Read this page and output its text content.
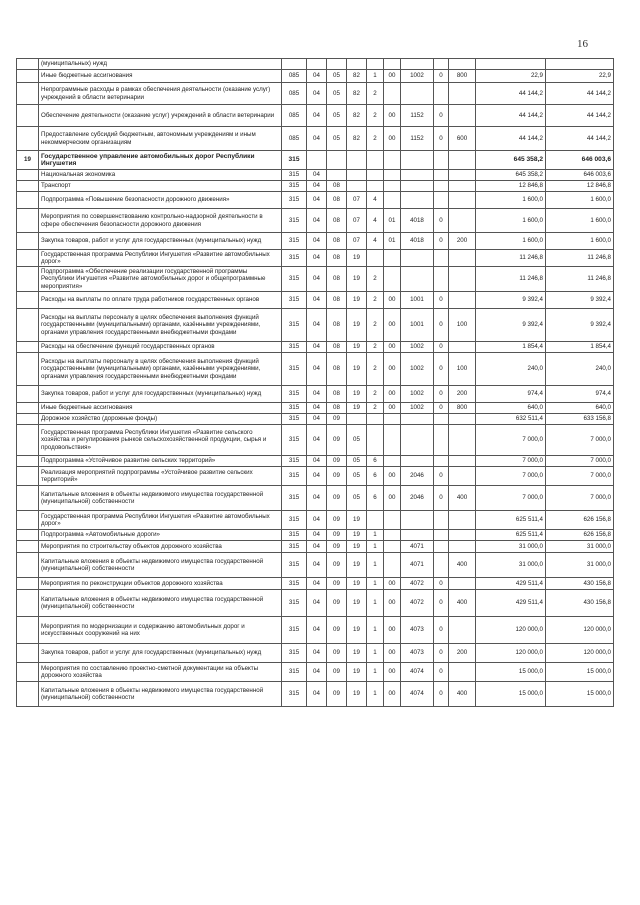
16
	(муниципальных) нужд											
	Иные бюджетные ассигнования	085	04	05	82	1	00	1002	0	800	22,9	22,9
	Непрограммные расходы в рамках обеспечения деятельности (оказание услуг) учреждений в области ветеринарии	085	04	05	82	2					44 144,2	44 144,2
	Обеспечение деятельности (оказание услуг) учреждений в области ветеринарии	085	04	05	82	2	00	1152	0		44 144,2	44 144,2
	Предоставление субсидий бюджетным, автономным учреждениям и иным некоммерческим организациям	085	04	05	82	2	00	1152	0	600	44 144,2	44 144,2
19	Государственное управление автомобильных дорог Республики Ингушетия	315									645 358,2	646 003,6
	Национальная экономика	315	04								645 358,2	646 003,6
	Транспорт	315	04	08							12 846,8	12 846,8
	Подпрограмма «Повышение безопасности дорожного движения»	315	04	08	07	4					1 600,0	1 600,0
	Мероприятия по совершенствованию контрольно-надзорной деятельности в сфере обеспечения безопасности дорожного движения	315	04	08	07	4	01	4018	0		1 600,0	1 600,0
	Закупка товаров, работ и услуг для государственных (муниципальных) нужд	315	04	08	07	4	01	4018	0	200	1 600,0	1 600,0
	Государственная программа Республики Ингушетия «Развитие автомобильных дорог»	315	04	08	19						11 246,8	11 246,8
	Подпрограмма «Обеспечение реализации государственной программы Республики Ингушетия «Развитие автомобильных дорог и общепрограммные мероприятия»	315	04	08	19	2					11 246,8	11 246,8
	Расходы на выплаты по оплате труда работников государственных органов	315	04	08	19	2	00	1001	0		9 392,4	9 392,4
	Расходы на выплаты персоналу в целях обеспечения выполнения функций государственными (муниципальными) органами, казёнными учреждениями, органами управления государственными внебюджетными фондами	315	04	08	19	2	00	1001	0	100	9 392,4	9 392,4
	Расходы на обеспечение функций государственных органов	315	04	08	19	2	00	1002	0		1 854,4	1 854,4
	Расходы на выплаты персоналу в целях обеспечения выполнения функций государственными (муниципальными) органами, казёнными учреждениями, органами управления государственными внебюджетными фондами	315	04	08	19	2	00	1002	0	100	240,0	240,0
	Закупка товаров, работ и услуг для государственных (муниципальных) нужд	315	04	08	19	2	00	1002	0	200	974,4	974,4
	Иные бюджетные ассигнования	315	04	08	19	2	00	1002	0	800	640,0	640,0
	Дорожное хозяйство (дорожные фонды)	315	04	09							632 511,4	633 156,8
	Государственная программа Республики Ингушетия «Развитие сельского хозяйства и регулирования рынков сельскохозяйственной продукции, сырья и продовольствия»	315	04	09	05						7 000,0	7 000,0
	Подпрограмма «Устойчивое развитие сельских территорий»	315	04	09	05	6					7 000,0	7 000,0
	Реализация мероприятий подпрограммы «Устойчивое развитие сельских территорий»	315	04	09	05	6	00	2046	0		7 000,0	7 000,0
	Капитальные вложения в объекты недвижимого имущества государственной (муниципальной) собственности	315	04	09	05	6	00	2046	0	400	7 000,0	7 000,0
	Государственная программа Республики Ингушетия «Развитие автомобильных дорог»	315	04	09	19						625 511,4	626 156,8
	Подпрограмма «Автомобильные дороги»	315	04	09	19	1					625 511,4	626 156,8
	Мероприятия по строительству объектов дорожного хозяйства	315	04	09	19	1		4071			31 000,0	31 000,0
	Капитальные вложения в объекты недвижимого имущества государственной (муниципальной) собственности	315	04	09	19	1		4071		400	31 000,0	31 000,0
	Мероприятия по реконструкции объектов дорожного хозяйства	315	04	09	19	1	00	4072	0		429 511,4	430 156,8
	Капитальные вложения в объекты недвижимого имущества государственной (муниципальной) собственности	315	04	09	19	1	00	4072	0	400	429 511,4	430 156,8
	Мероприятия по модернизации и содержанию автомобильных дорог и искусственных сооружений на них	315	04	09	19	1	00	4073	0		120 000,0	120 000,0
	Закупка товаров, работ и услуг для государственных (муниципальных) нужд	315	04	09	19	1	00	4073	0	200	120 000,0	120 000,0
	Мероприятия по составлению проектно-сметной документации на объекты дорожного хозяйства	315	04	09	19	1	00	4074	0		15 000,0	15 000,0
	Капитальные вложения в объекты недвижимого имущества государственной (муниципальной) собственности	315	04	09	19	1	00	4074	0	400	15 000,0	15 000,0
